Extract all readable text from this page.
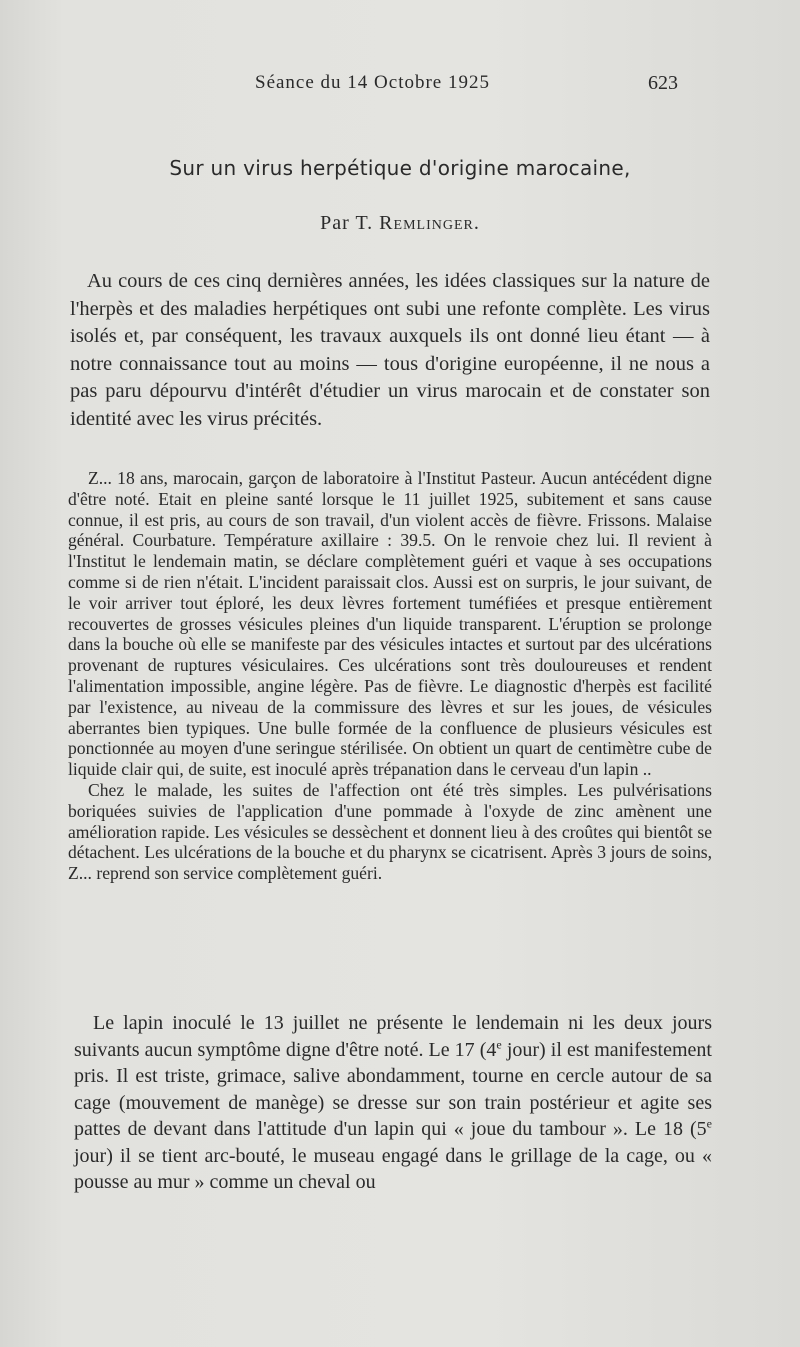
Séance du 14 Octobre 1925	623
Sur un virus herpétique d'origine marocaine,
Par T. Remlinger.

Au cours de ces cinq dernières années, les idées classiques sur la nature de l'herpès et des maladies herpétiques ont subi une refonte complète. Les virus isolés et, par conséquent, les travaux auxquels ils ont donné lieu étant — à notre connaissance tout au moins — tous d'origine européenne, il ne nous a pas paru dépourvu d'intérêt d'étudier un virus marocain et de constater son identité avec les virus précités.

Z... 18 ans, marocain, garçon de laboratoire à l'Institut Pasteur. Aucun antécédent digne d'être noté. Etait en pleine santé lorsque le 11 juillet 1925, subitement et sans cause connue, il est pris, au cours de son travail, d'un violent accès de fièvre. Frissons. Malaise général. Courbature. Température axillaire : 39.5. On le renvoie chez lui. Il revient à l'Institut le lendemain matin, se déclare complètement guéri et vaque à ses occupations comme si de rien n'était. L'incident paraissait clos. Aussi est on surpris, le jour suivant, de le voir arriver tout éploré, les deux lèvres fortement tuméfiées et presque entièrement recouvertes de grosses vésicules pleines d'un liquide transparent. L'éruption se prolonge dans la bouche où elle se manifeste par des vésicules intactes et surtout par des ulcérations provenant de ruptures vésiculaires. Ces ulcérations sont très douloureuses et rendent l'alimentation impossible, angine légère. Pas de fièvre. Le diagnostic d'herpès est facilité par l'existence, au niveau de la commissure des lèvres et sur les joues, de vésicules aberrantes bien typiques. Une bulle formée de la confluence de plusieurs vésicules est ponctionnée au moyen d'une seringue stérilisée. On obtient un quart de centimètre cube de liquide clair qui, de suite, est inoculé après trépanation dans le cerveau d'un lapin ..

Chez le malade, les suites de l'affection ont été très simples. Les pulvérisations boriquées suivies de l'application d'une pommade à l'oxyde de zinc amènent une amélioration rapide. Les vésicules se dessèchent et donnent lieu à des croûtes qui bientôt se détachent. Les ulcérations de la bouche et du pharynx se cicatrisent. Après 3 jours de soins, Z... reprend son service complètement guéri.

Le lapin inoculé le 13 juillet ne présente le lendemain ni les deux jours suivants aucun symptôme digne d'être noté. Le 17 (4e jour) il est manifestement pris. Il est triste, grimace, salive abondamment, tourne en cercle autour de sa cage (mouvement de manège) se dresse sur son train postérieur et agite ses pattes de devant dans l'attitude d'un lapin qui « joue du tambour ». Le 18 (5e jour) il se tient arc-bouté, le museau engagé dans le grillage de la cage, ou « pousse au mur » comme un cheval ou
